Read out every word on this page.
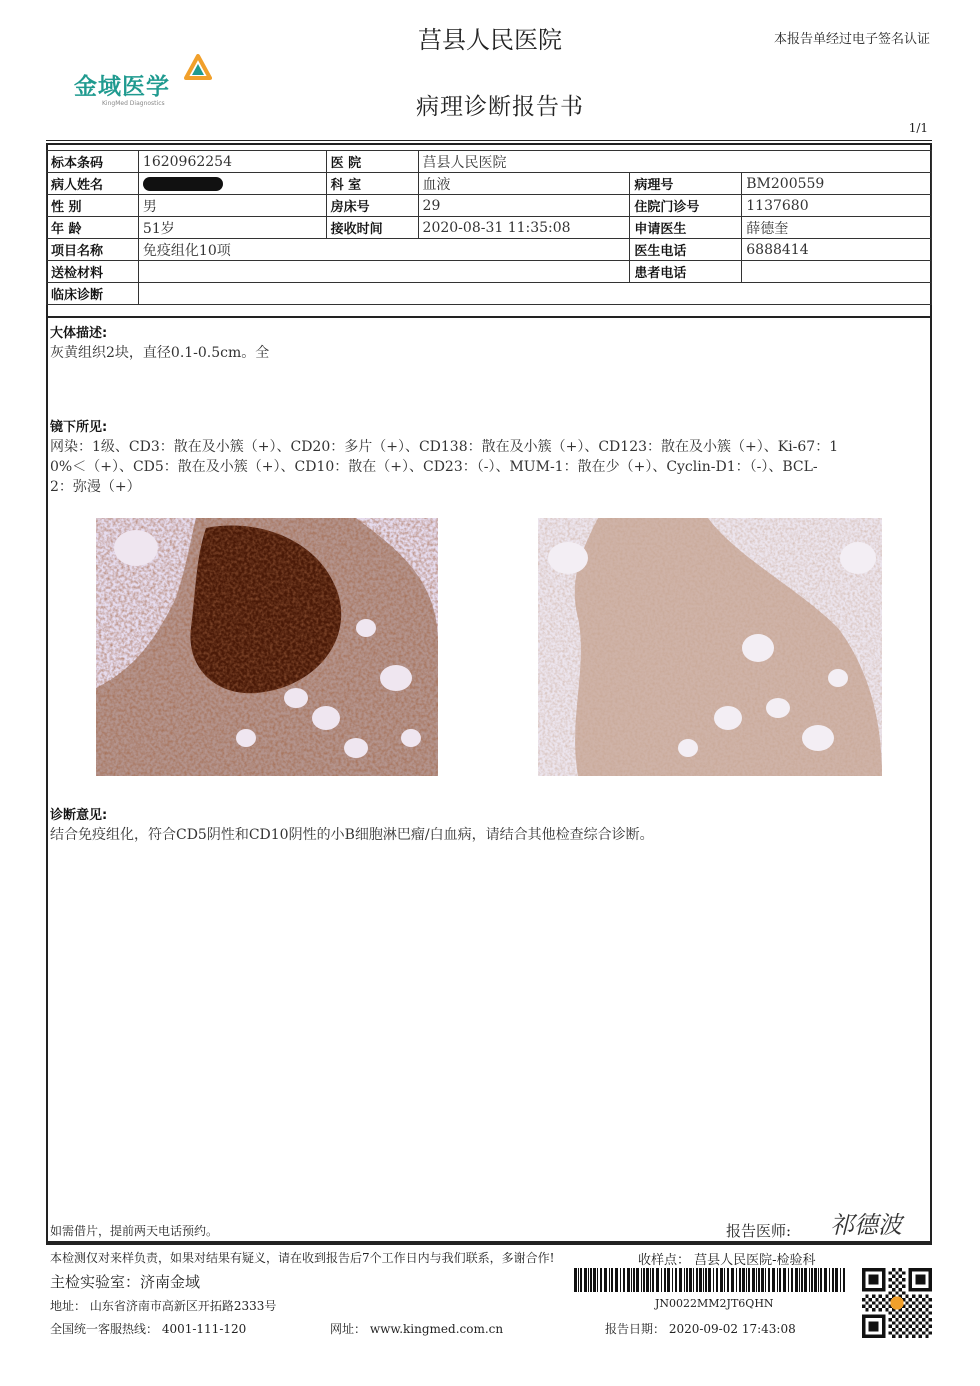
莒县人民医院	本报告单经过电子签名认证
金域医学
KingMed Diagnostics	病理诊断报告书
1/1
标本条码	1620962254	医 院	莒县人民医院		
病人姓名		科 室	血液	病理号	BM200559
性 别	男	房床号	29	住院门诊号	1137680
年 龄	51岁	接收时间	2020-08-31 11:35:08	申请医生	薛德奎
项目名称	免疫组化10项			医生电话	6888414
送检材料				患者电话	
临床诊断					
大体描述:
灰黄组织2块，直径0.1-0.5cm。全
镜下所见:
网染：1级、CD3：散在及小簇（+）、CD20：多片（+）、CD138：散在及小簇（+）、CD123：散在及小簇（+）、Ki-67：1
0%＜（+）、CD5：散在及小簇（+）、CD10：散在（+）、CD23：（-）、MUM-1：散在少（+）、Cyclin-D1：（-）、BCL-
2：弥漫（+）
诊断意见:
结合免疫组化，符合CD5阴性和CD10阴性的小B细胞淋巴瘤/白血病，请结合其他检查综合诊断。
如需借片，提前两天电话预约。	报告医师: 祁德波
本检测仅对来样负责，如果对结果有疑义，请在收到报告后7个工作日内与我们联系，多谢合作!	收样点： 莒县人民医院-检验科
主检实验室：济南金域
地址： 山东省济南市高新区开拓路2333号
全国统一客服热线： 4001-111-120	网址： www.kingmed.com.cn	报告日期： 2020-09-02 17:43:08
JN0022MM2JT6QHN
